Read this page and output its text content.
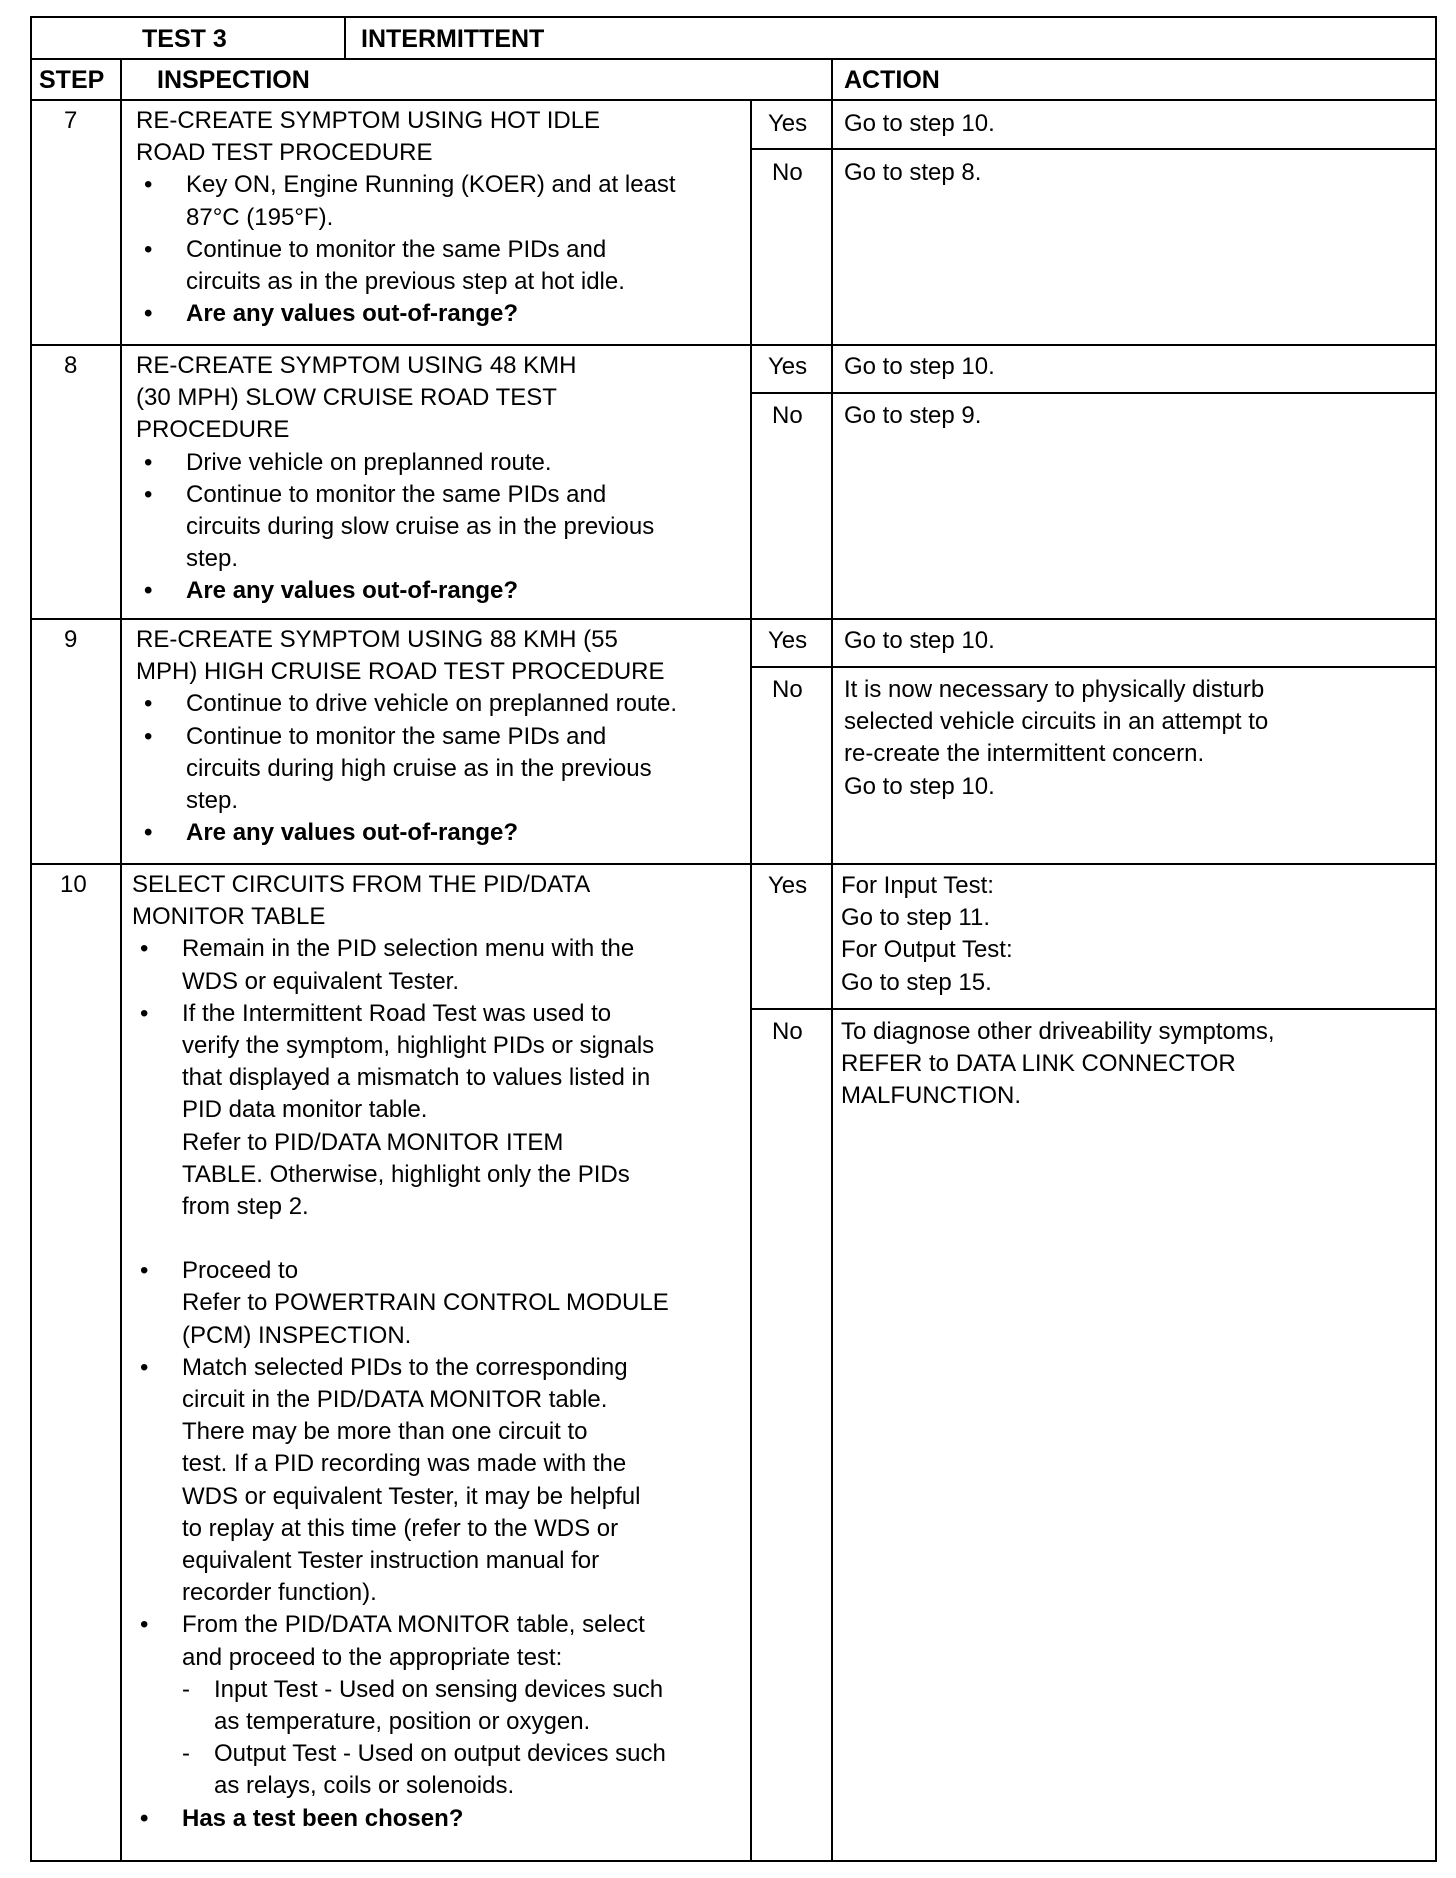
TEST 3	INTERMITTENT
STEP INSPECTION	ACTION
7 RE-CREATE SYMPTOM USING HOT IDLE
ROAD TEST PROCEDURE
• Key ON, Engine Running (KOER) and at least
87°C (195°F).
• Continue to monitor the same PIDs and
circuits as in the previous step at hot idle.
• Are any values out-of-range?
Yes Go to step 10.
No Go to step 8.
8 RE-CREATE SYMPTOM USING 48 KMH
(30 MPH) SLOW CRUISE ROAD TEST
PROCEDURE
• Drive vehicle on preplanned route.
• Continue to monitor the same PIDs and
circuits during slow cruise as in the previous
step.
• Are any values out-of-range?
Yes Go to step 10.
No Go to step 9.
9 RE-CREATE SYMPTOM USING 88 KMH (55
MPH) HIGH CRUISE ROAD TEST PROCEDURE
• Continue to drive vehicle on preplanned route.
• Continue to monitor the same PIDs and
circuits during high cruise as in the previous
step.
• Are any values out-of-range?
Yes Go to step 10.
No It is now necessary to physically disturb
selected vehicle circuits in an attempt to
re-create the intermittent concern.
Go to step 10.
10 SELECT CIRCUITS FROM THE PID/DATA
MONITOR TABLE
• Remain in the PID selection menu with the
WDS or equivalent Tester.
• If the Intermittent Road Test was used to
verify the symptom, highlight PIDs or signals
that displayed a mismatch to values listed in
PID data monitor table.
Refer to PID/DATA MONITOR ITEM
TABLE. Otherwise, highlight only the PIDs
from step 2.
• Proceed to
Refer to POWERTRAIN CONTROL MODULE
(PCM) INSPECTION.
• Match selected PIDs to the corresponding
circuit in the PID/DATA MONITOR table.
There may be more than one circuit to
test. If a PID recording was made with the
WDS or equivalent Tester, it may be helpful
to replay at this time (refer to the WDS or
equivalent Tester instruction manual for
recorder function).
• From the PID/DATA MONITOR table, select
and proceed to the appropriate test:
- Input Test - Used on sensing devices such
as temperature, position or oxygen.
- Output Test - Used on output devices such
as relays, coils or solenoids.
• Has a test been chosen?
Yes For Input Test:
Go to step 11.
For Output Test:
Go to step 15.
No To diagnose other driveability symptoms,
REFER to DATA LINK CONNECTOR
MALFUNCTION.
